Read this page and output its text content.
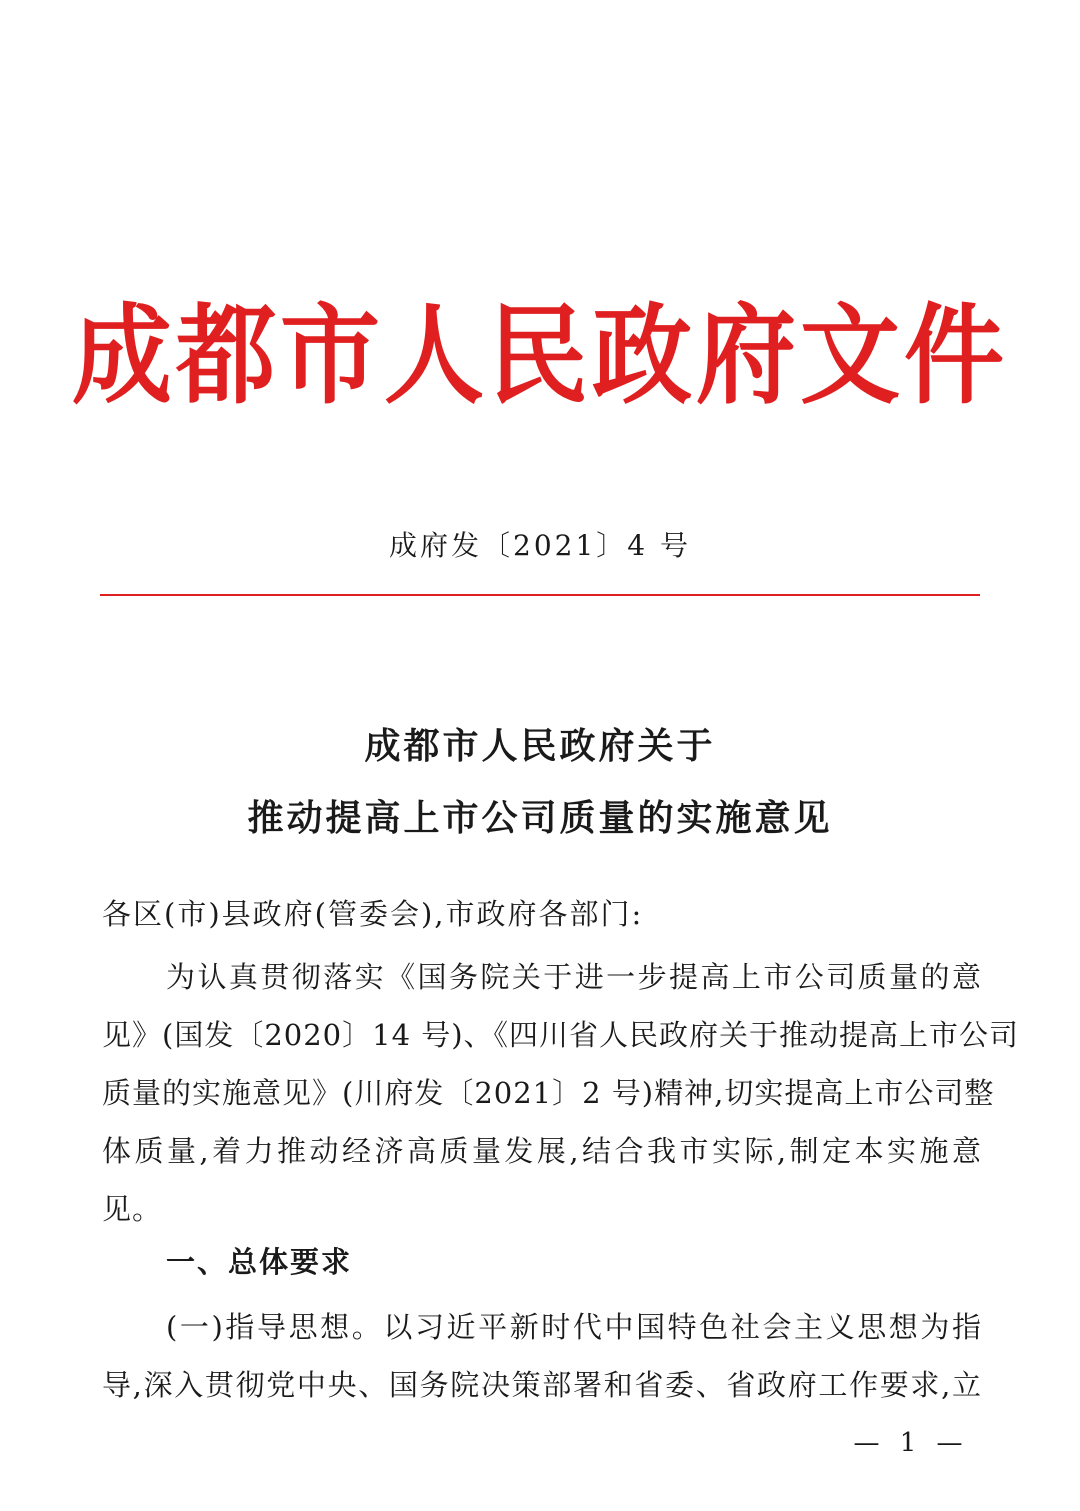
成都市人民政府文件
成府发〔2021〕4 号
成都市人民政府关于
推动提高上市公司质量的实施意见
各区(市)县政府(管委会),市政府各部门:
为认真贯彻落实《国务院关于进一步提高上市公司质量的意
见》(国发〔2020〕14 号)、《四川省人民政府关于推动提高上市公司
质量的实施意见》(川府发〔2021〕2 号)精神,切实提高上市公司整
体质量,着力推动经济高质量发展,结合我市实际,制定本实施意
见。
一、总体要求
(一)指导思想。以习近平新时代中国特色社会主义思想为指
导,深入贯彻党中央、国务院决策部署和省委、省政府工作要求,立
— 1 —
